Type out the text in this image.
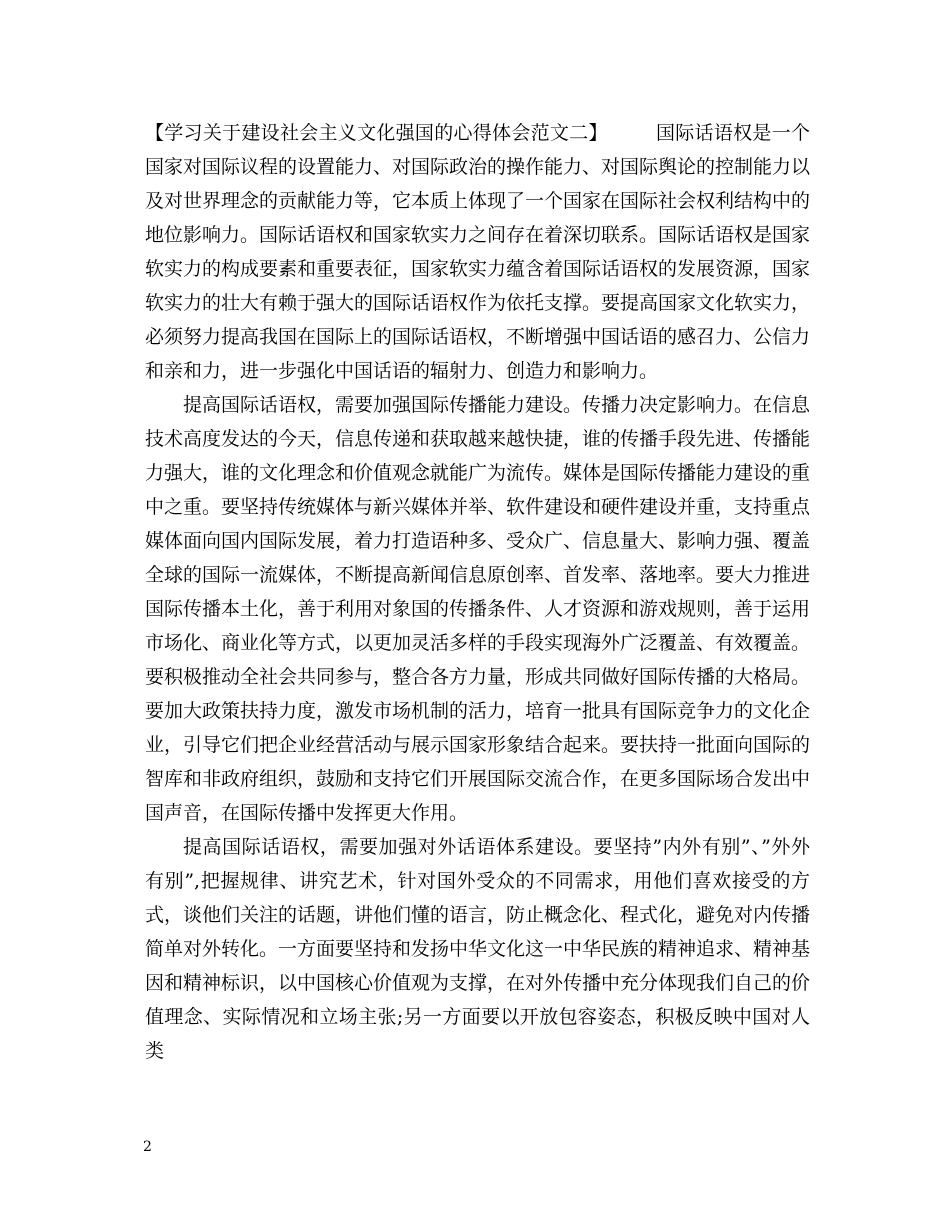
【学习关于建设社会主义文化强国的心得体会范文二】	国际话语权是一个国家对国际议程的设置能力、对国际政治的操作能力、对国际舆论的控制能力以及对世界理念的贡献能力等，它本质上体现了一个国家在国际社会权利结构中的地位影响力。国际话语权和国家软实力之间存在着深切联系。国际话语权是国家软实力的构成要素和重要表征，国家软实力蕴含着国际话语权的发展资源，国家软实力的壮大有赖于强大的国际话语权作为依托支撑。要提高国家文化软实力，必须努力提高我国在国际上的国际话语权，不断增强中国话语的感召力、公信力和亲和力，进一步强化中国话语的辐射力、创造力和影响力。

提高国际话语权，需要加强国际传播能力建设。传播力决定影响力。在信息技术高度发达的今天，信息传递和获取越来越快捷，谁的传播手段先进、传播能力强大，谁的文化理念和价值观念就能广为流传。媒体是国际传播能力建设的重中之重。要坚持传统媒体与新兴媒体并举、软件建设和硬件建设并重，支持重点媒体面向国内国际发展，着力打造语种多、受众广、信息量大、影响力强、覆盖全球的国际一流媒体，不断提高新闻信息原创率、首发率、落地率。要大力推进国际传播本土化，善于利用对象国的传播条件、人才资源和游戏规则，善于运用市场化、商业化等方式，以更加灵活多样的手段实现海外广泛覆盖、有效覆盖。要积极推动全社会共同参与，整合各方力量，形成共同做好国际传播的大格局。要加大政策扶持力度，激发市场机制的活力，培育一批具有国际竞争力的文化企业，引导它们把企业经营活动与展示国家形象结合起来。要扶持一批面向国际的智库和非政府组织，鼓励和支持它们开展国际交流合作，在更多国际场合发出中国声音，在国际传播中发挥更大作用。

提高国际话语权，需要加强对外话语体系建设。要坚持”内外有别”、”外外有别”,把握规律、讲究艺术，针对国外受众的不同需求，用他们喜欢接受的方式，谈他们关注的话题，讲他们懂的语言，防止概念化、程式化，避免对内传播简单对外转化。一方面要坚持和发扬中华文化这一中华民族的精神追求、精神基因和精神标识，以中国核心价值观为支撑，在对外传播中充分体现我们自己的价值理念、实际情况和立场主张;另一方面要以开放包容姿态，积极反映中国对人类

2
